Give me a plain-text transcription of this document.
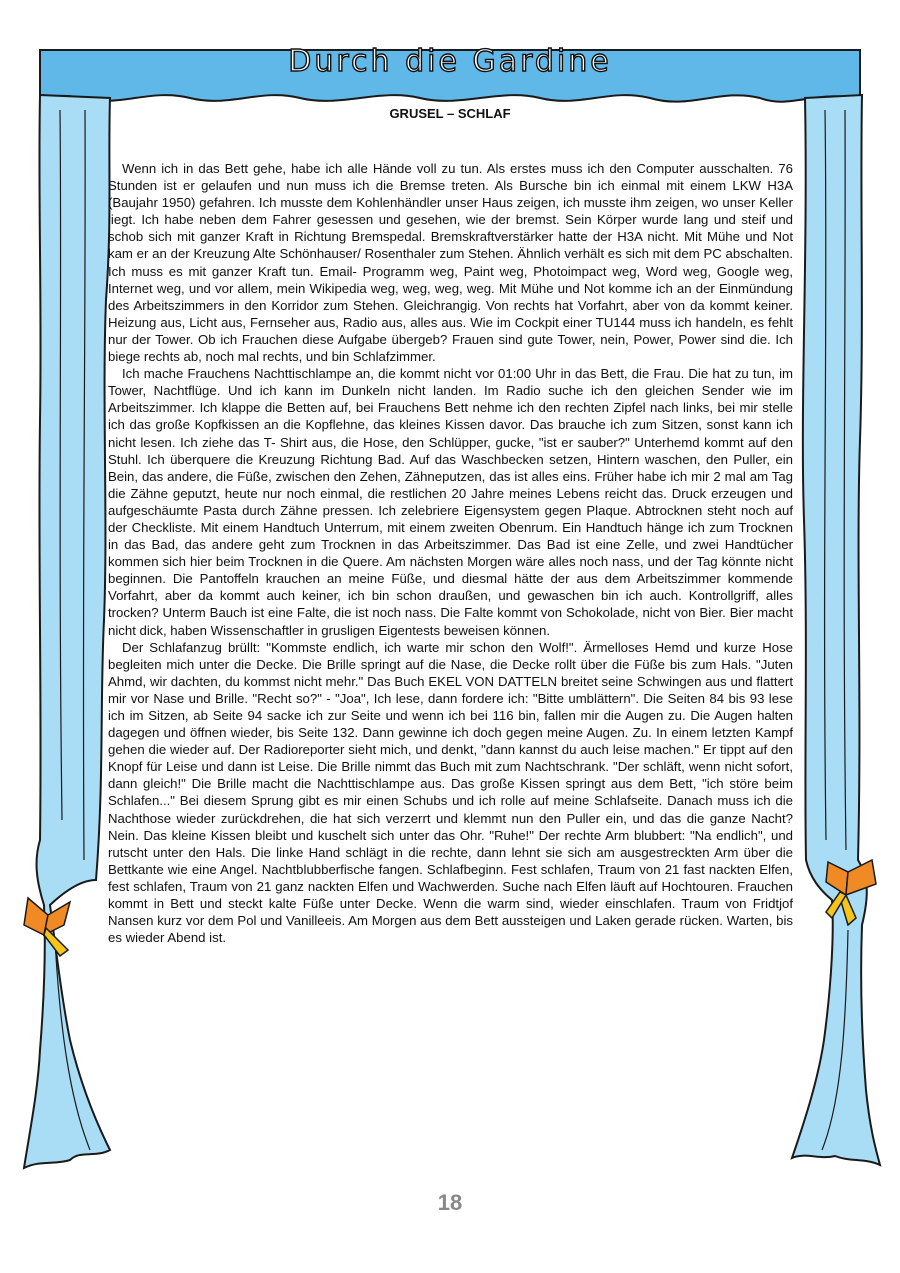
Durch die Gardine
GRUSEL – SCHLAF

Wenn ich in das Bett gehe, habe ich alle Hände voll zu tun. Als erstes muss ich den Computer ausschalten. 76 Stunden ist er gelaufen und nun muss ich die Bremse treten. Als Bursche bin ich einmal mit einem LKW H3A (Baujahr 1950) gefahren. Ich musste dem Kohlenhändler unser Haus zeigen, ich musste ihm zeigen, wo unser Keller liegt. Ich habe neben dem Fahrer gesessen und gesehen, wie der bremst. Sein Körper wurde lang und steif und schob sich mit ganzer Kraft in Richtung Bremspedal. Bremskraftverstärker hatte der H3A nicht. Mit Mühe und Not kam er an der Kreuzung Alte Schönhauser/ Rosenthaler zum Stehen. Ähnlich verhält es sich mit dem PC abschalten. Ich muss es mit ganzer Kraft tun. Email- Programm weg, Paint weg, Photoimpact weg, Word weg, Google weg, Internet weg, und vor allem, mein Wikipedia weg, weg, weg, weg. Mit Mühe und Not komme ich an der Einmündung des Arbeitszimmers in den Korridor zum Stehen. Gleichrangig. Von rechts hat Vorfahrt, aber von da kommt keiner. Heizung aus, Licht aus, Fernseher aus, Radio aus, alles aus. Wie im Cockpit einer TU144 muss ich handeln, es fehlt nur der Tower. Ob ich Frauchen diese Aufgabe übergeb? Frauen sind gute Tower, nein, Power, Power sind die. Ich biege rechts ab, noch mal rechts, und bin Schlafzimmer.

Ich mache Frauchens Nachttischlampe an, die kommt nicht vor 01:00 Uhr in das Bett, die Frau. Die hat zu tun, im Tower, Nachtflüge. Und ich kann im Dunkeln nicht landen. Im Radio suche ich den gleichen Sender wie im Arbeitszimmer. Ich klappe die Betten auf, bei Frauchens Bett nehme ich den rechten Zipfel nach links, bei mir stelle ich das große Kopfkissen an die Kopflehne, das kleines Kissen davor. Das brauche ich zum Sitzen, sonst kann ich nicht lesen. Ich ziehe das T- Shirt aus, die Hose, den Schlüpper, gucke, "ist er sauber?" Unterhemd kommt auf den Stuhl. Ich überquere die Kreuzung Richtung Bad. Auf das Waschbecken setzen, Hintern waschen, den Puller, ein Bein, das andere, die Füße, zwischen den Zehen, Zähneputzen, das ist alles eins. Früher habe ich mir 2 mal am Tag die Zähne geputzt, heute nur noch einmal, die restlichen 20 Jahre meines Lebens reicht das. Druck erzeugen und aufgeschäumte Pasta durch Zähne pressen. Ich zelebriere Eigensystem gegen Plaque. Abtrocknen steht noch auf der Checkliste. Mit einem Handtuch Unterrum, mit einem zweiten Obenrum. Ein Handtuch hänge ich zum Trocknen in das Bad, das andere geht zum Trocknen in das Arbeitszimmer. Das Bad ist eine Zelle, und zwei Handtücher kommen sich hier beim Trocknen in die Quere. Am nächsten Morgen wäre alles noch nass, und der Tag könnte nicht beginnen. Die Pantoffeln krauchen an meine Füße, und diesmal hätte der aus dem Arbeitszimmer kommende Vorfahrt, aber da kommt auch keiner, ich bin schon draußen, und gewaschen bin ich auch. Kontrollgriff, alles trocken? Unterm Bauch ist eine Falte, die ist noch nass. Die Falte kommt von Schokolade, nicht von Bier. Bier macht nicht dick, haben Wissenschaftler in grusligen Eigentests beweisen können.

Der Schlafanzug brüllt: "Kommste endlich, ich warte mir schon den Wolf!". Ärmelloses Hemd und kurze Hose begleiten mich unter die Decke. Die Brille springt auf die Nase, die Decke rollt über die Füße bis zum Hals. "Juten Ahmd, wir dachten, du kommst nicht mehr." Das Buch EKEL VON DATTELN breitet seine Schwingen aus und flattert mir vor Nase und Brille. "Recht so?" - "Joa", Ich lese, dann fordere ich: "Bitte umblättern". Die Seiten 84 bis 93 lese ich im Sitzen, ab Seite 94 sacke ich zur Seite und wenn ich bei 116 bin, fallen mir die Augen zu. Die Augen halten dagegen und öffnen wieder, bis Seite 132. Dann gewinne ich doch gegen meine Augen. Zu. In einem letzten Kampf gehen die wieder auf. Der Radioreporter sieht mich, und denkt, "dann kannst du auch leise machen." Er tippt auf den Knopf für Leise und dann ist Leise. Die Brille nimmt das Buch mit zum Nachtschrank. "Der schläft, wenn nicht sofort, dann gleich!" Die Brille macht die Nachttischlampe aus. Das große Kissen springt aus dem Bett, "ich störe beim Schlafen..." Bei diesem Sprung gibt es mir einen Schubs und ich rolle auf meine Schlafseite. Danach muss ich die Nachthose wieder zurückdrehen, die hat sich verzerrt und klemmt nun den Puller ein, und das die ganze Nacht? Nein. Das kleine Kissen bleibt und kuschelt sich unter das Ohr. "Ruhe!" Der rechte Arm blubbert: "Na endlich", und rutscht unter den Hals. Die linke Hand schlägt in die rechte, dann lehnt sie sich am ausgestreckten Arm über die Bettkante wie eine Angel. Nachtblubberfische fangen. Schlafbeginn. Fest schlafen, Traum von 21 fast nackten Elfen, fest schlafen, Traum von 21 ganz nackten Elfen und Wachwerden. Suche nach Elfen läuft auf Hochtouren. Frauchen kommt in Bett und steckt kalte Füße unter Decke. Wenn die warm sind, wieder einschlafen. Traum von Fridtjof Nansen kurz vor dem Pol und Vanilleeis. Am Morgen aus dem Bett aussteigen und Laken gerade rücken. Warten, bis es wieder Abend ist.

18
